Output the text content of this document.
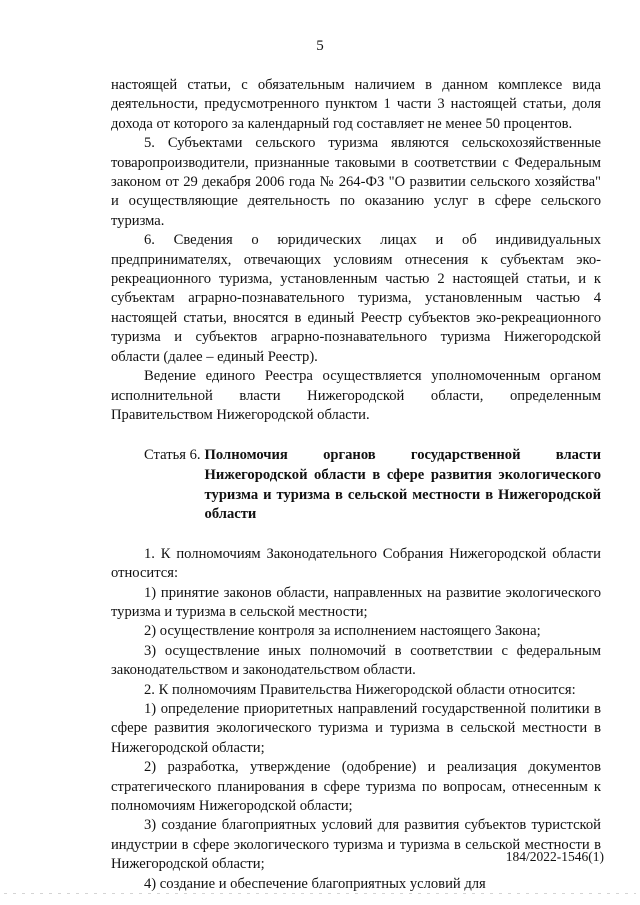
5

настоящей статьи, с обязательным наличием в данном комплексе вида деятельности, предусмотренного пунктом 1 части 3 настоящей статьи, доля дохода от которого за календарный год составляет не менее 50 процентов.

5. Субъектами сельского туризма являются сельскохозяйственные товаропроизводители, признанные таковыми в соответствии с Федеральным законом от 29 декабря 2006 года № 264-ФЗ "О развитии сельского хозяйства" и осуществляющие деятельность по оказанию услуг в сфере сельского туризма.

6. Сведения о юридических лицах и об индивидуальных предпринимателях, отвечающих условиям отнесения к субъектам эко-рекреационного туризма, установленным частью 2 настоящей статьи, и к субъектам аграрно-познавательного туризма, установленным частью 4 настоящей статьи, вносятся в единый Реестр субъектов эко-рекреационного туризма и субъектов аграрно-познавательного туризма Нижегородской области (далее – единый Реестр).

Ведение единого Реестра осуществляется уполномоченным органом исполнительной власти Нижегородской области, определенным Правительством Нижегородской области.

Статья 6. Полномочия органов государственной власти Нижегородской области в сфере развития экологического туризма и туризма в сельской местности в Нижегородской области

1. К полномочиям Законодательного Собрания Нижегородской области относится:

1) принятие законов области, направленных на развитие экологического туризма и туризма в сельской местности;

2) осуществление контроля за исполнением настоящего Закона;

3) осуществление иных полномочий в соответствии с федеральным законодательством и законодательством области.

2. К полномочиям Правительства Нижегородской области относится:

1) определение приоритетных направлений государственной политики в сфере развития экологического туризма и туризма в сельской местности в Нижегородской области;

2) разработка, утверждение (одобрение) и реализация документов стратегического планирования в сфере туризма по вопросам, отнесенным к полномочиям Нижегородской области;

3) создание благоприятных условий для развития субъектов туристской индустрии в сфере экологического туризма и туризма в сельской местности в Нижегородской области;

4) создание и обеспечение благоприятных условий для

184/2022-1546(1)
